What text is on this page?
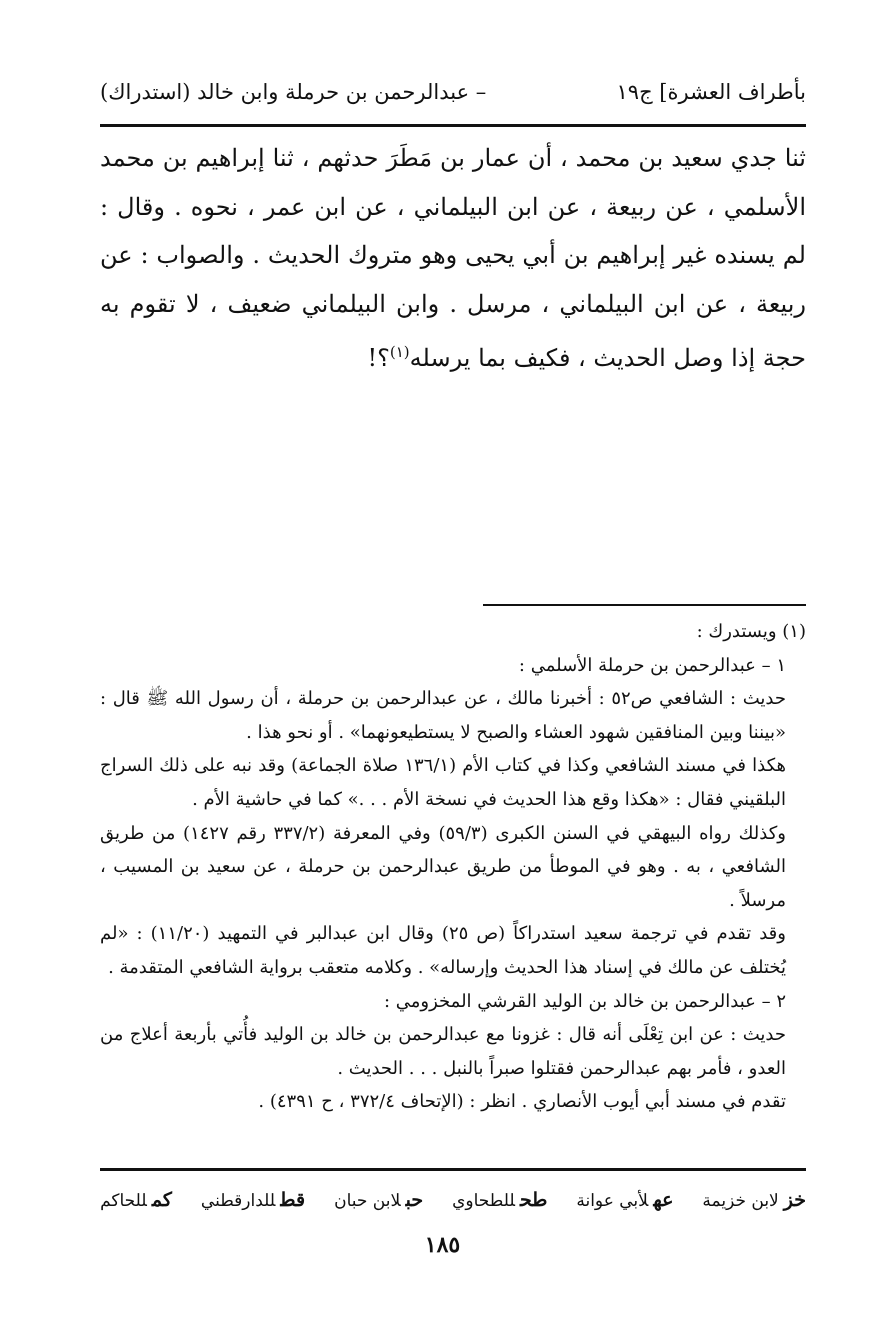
بأطراف العشرة] ج١٩
– عبدالرحمن بن حرملة وابن خالد (استدراك)

ثنا جدي سعيد بن محمد ، أن عمار بن مَطَرَ حدثهم ، ثنا إبراهيم بن محمد الأسلمي ، عن ربيعة ، عن ابن البيلماني ، عن ابن عمر ، نحوه . وقال : لم يسنده غير إبراهيم بن أبي يحيى وهو متروك الحديث . والصواب : عن ربيعة ، عن ابن البيلماني ، مرسل . وابن البيلماني ضعيف ، لا تقوم به حجة إذا وصل الحديث ، فكيف بما يرسله$^{(١)}$؟!

(١) ويستدرك :

١ – عبدالرحمن بن حرملة الأسلمي :

حديث : الشافعي ص٥٢ : أخبرنا مالك ، عن عبدالرحمن بن حرملة ، أن رسول الله ﷺ قال : «بيننا وبين المنافقين شهود العشاء والصبح لا يستطيعونهما» . أو نحو هذا .

هكذا في مسند الشافعي وكذا في كتاب الأم (١٣٦/١ صلاة الجماعة) وقد نبه على ذلك السراج البلقيني فقال : «هكذا وقع هذا الحديث في نسخة الأم . . .» كما في حاشية الأم .

وكذلك رواه البيهقي في السنن الكبرى (٥٩/٣) وفي المعرفة (٣٣٧/٢ رقم ١٤٢٧) من طريق الشافعي ، به . وهو في الموطأ من طريق عبدالرحمن بن حرملة ، عن سعيد بن المسيب ، مرسلاً .

وقد تقدم في ترجمة سعيد استدراكاً (ص ٢٥) وقال ابن عبدالبر في التمهيد (١١/٢٠) : «لم يُختلف عن مالك في إسناد هذا الحديث وإرساله» . وكلامه متعقب برواية الشافعي المتقدمة .

٢ – عبدالرحمن بن خالد بن الوليد القرشي المخزومي :

حديث : عن ابن تِعْلَى أنه قال : غزونا مع عبدالرحمن بن خالد بن الوليد فأُتي بأربعة أعلاج من العدو ، فأمر بهم عبدالرحمن فقتلوا صبراً بالنبل . . . الحديث .

تقدم في مسند أبي أيوب الأنصاري . انظر : (الإتحاف ٣٧٢/٤ ، ح ٤٣٩١) .

خزلابن خزيمة
عهلأبي عوانة
طحللطحاوي
حبلابن حبان
قطللدارقطني
كمللحاكم
١٨٥
